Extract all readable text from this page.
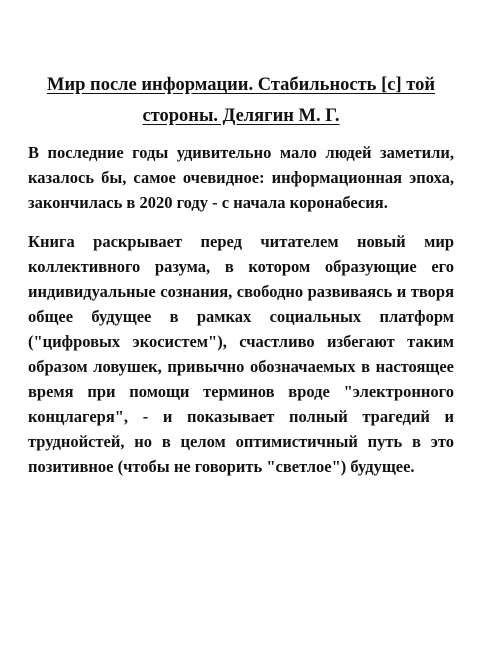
Мир после информации. Стабильность [с] той стороны. Делягин М. Г.

В последние годы удивительно мало людей заметили, казалось бы, самое очевидное: информационная эпоха, закончилась в 2020 году - с начала коронабесия.

Книга раскрывает перед читателем новый мир коллективного разума, в котором образующие его индивидуальные сознания, свободно развиваясь и творя общее будущее в рамках социальных платформ ("цифровых экосистем"), счастливо избегают таким образом ловушек, привычно обозначаемых в настоящее время при помощи терминов вроде "электронного концлагеря", - и показывает полный трагедий и труднойстей, но в целом оптимистичный путь в это позитивное (чтобы не говорить "светлое") будущее.
